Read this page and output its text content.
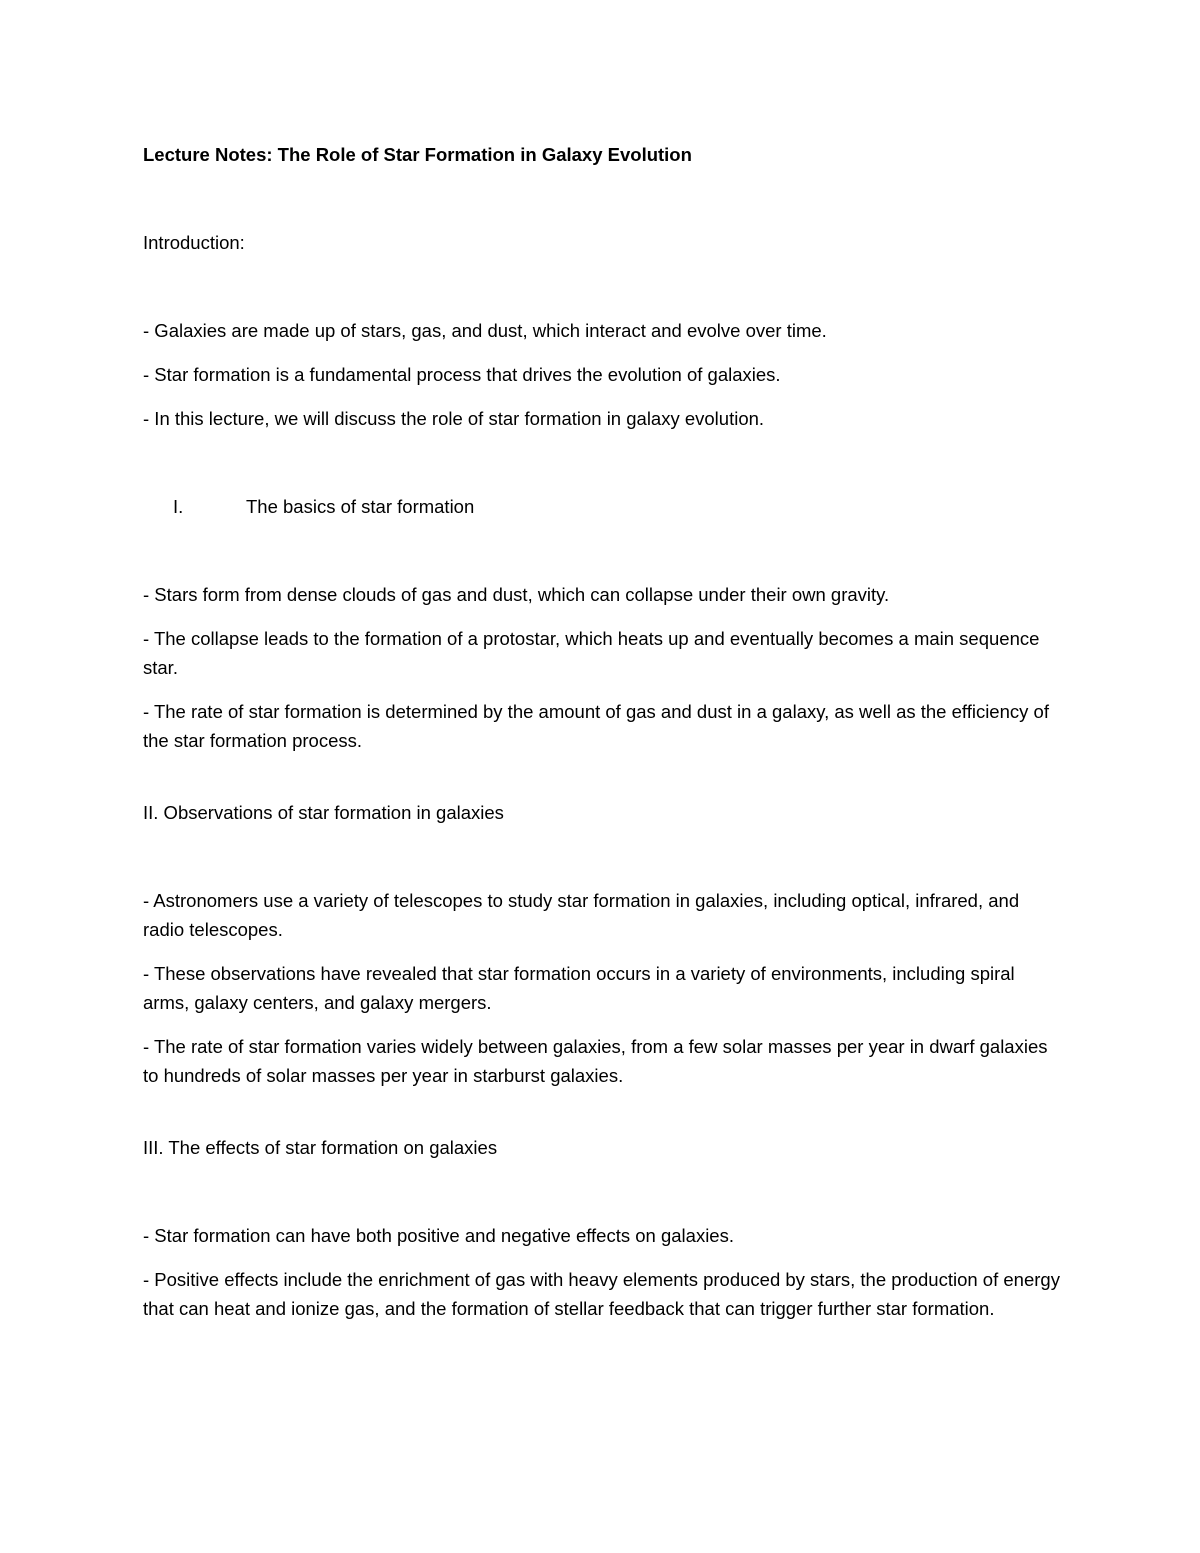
Lecture Notes: The Role of Star Formation in Galaxy Evolution

Introduction:

- Galaxies are made up of stars, gas, and dust, which interact and evolve over time.

- Star formation is a fundamental process that drives the evolution of galaxies.

- In this lecture, we will discuss the role of star formation in galaxy evolution.

I.	The basics of star formation

- Stars form from dense clouds of gas and dust, which can collapse under their own gravity.

- The collapse leads to the formation of a protostar, which heats up and eventually becomes a main sequence star.

- The rate of star formation is determined by the amount of gas and dust in a galaxy, as well as the efficiency of the star formation process.

II. Observations of star formation in galaxies

- Astronomers use a variety of telescopes to study star formation in galaxies, including optical, infrared, and radio telescopes.

- These observations have revealed that star formation occurs in a variety of environments, including spiral arms, galaxy centers, and galaxy mergers.

- The rate of star formation varies widely between galaxies, from a few solar masses per year in dwarf galaxies to hundreds of solar masses per year in starburst galaxies.

III. The effects of star formation on galaxies

- Star formation can have both positive and negative effects on galaxies.

- Positive effects include the enrichment of gas with heavy elements produced by stars, the production of energy that can heat and ionize gas, and the formation of stellar feedback that can trigger further star formation.
